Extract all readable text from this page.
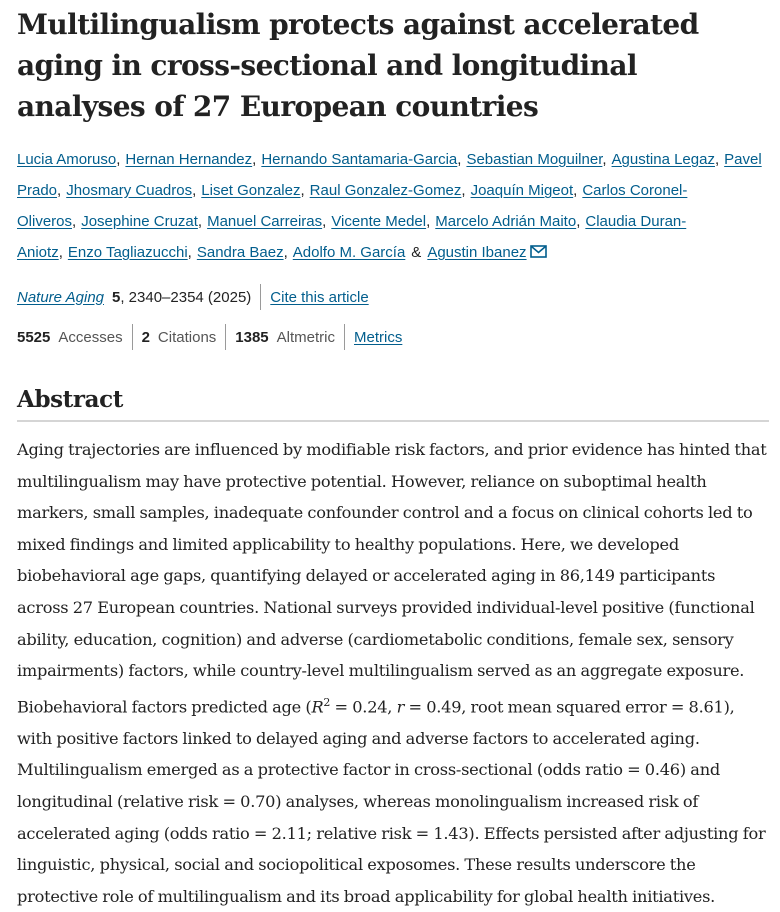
Multilingualism protects against accelerated aging in cross-sectional and longitudinal analyses of 27 European countries
Lucia Amoruso, Hernan Hernandez, Hernando Santamaria-Garcia, Sebastian Moguilner, Agustina Legaz, Pavel Prado, Jhosmary Cuadros, Liset Gonzalez, Raul Gonzalez-Gomez, Joaquín Migeot, Carlos Coronel-Oliveros, Josephine Cruzat, Manuel Carreiras, Vicente Medel, Marcelo Adrián Maito, Claudia Duran-Aniotz, Enzo Tagliazucchi, Sandra Baez, Adolfo M. García & Agustin Ibanez
Nature Aging 5 , 2340–2354 (2025) Cite this article
5525 Accesses 2 Citations 1385 Altmetric Metrics
Abstract

Aging trajectories are influenced by modifiable risk factors, and prior evidence has hinted that multilingualism may have protective potential. However, reliance on suboptimal health markers, small samples, inadequate confounder control and a focus on clinical cohorts led to mixed findings and limited applicability to healthy populations. Here, we developed biobehavioral age gaps, quantifying delayed or accelerated aging in 86,149 participants across 27 European countries. National surveys provided individual-level positive (functional ability, education, cognition) and adverse (cardiometabolic conditions, female sex, sensory impairments) factors, while country-level multilingualism served as an aggregate exposure. Biobehavioral factors predicted age ($R^2 = 0.24$, r = 0.49, root mean squared error = 8.61), with positive factors linked to delayed aging and adverse factors to accelerated aging. Multilingualism emerged as a protective factor in cross-sectional (odds ratio = 0.46) and longitudinal (relative risk = 0.70) analyses, whereas monolingualism increased risk of accelerated aging (odds ratio = 2.11; relative risk = 1.43). Effects persisted after adjusting for linguistic, physical, social and sociopolitical exposomes. These results underscore the protective role of multilingualism and its broad applicability for global health initiatives.
